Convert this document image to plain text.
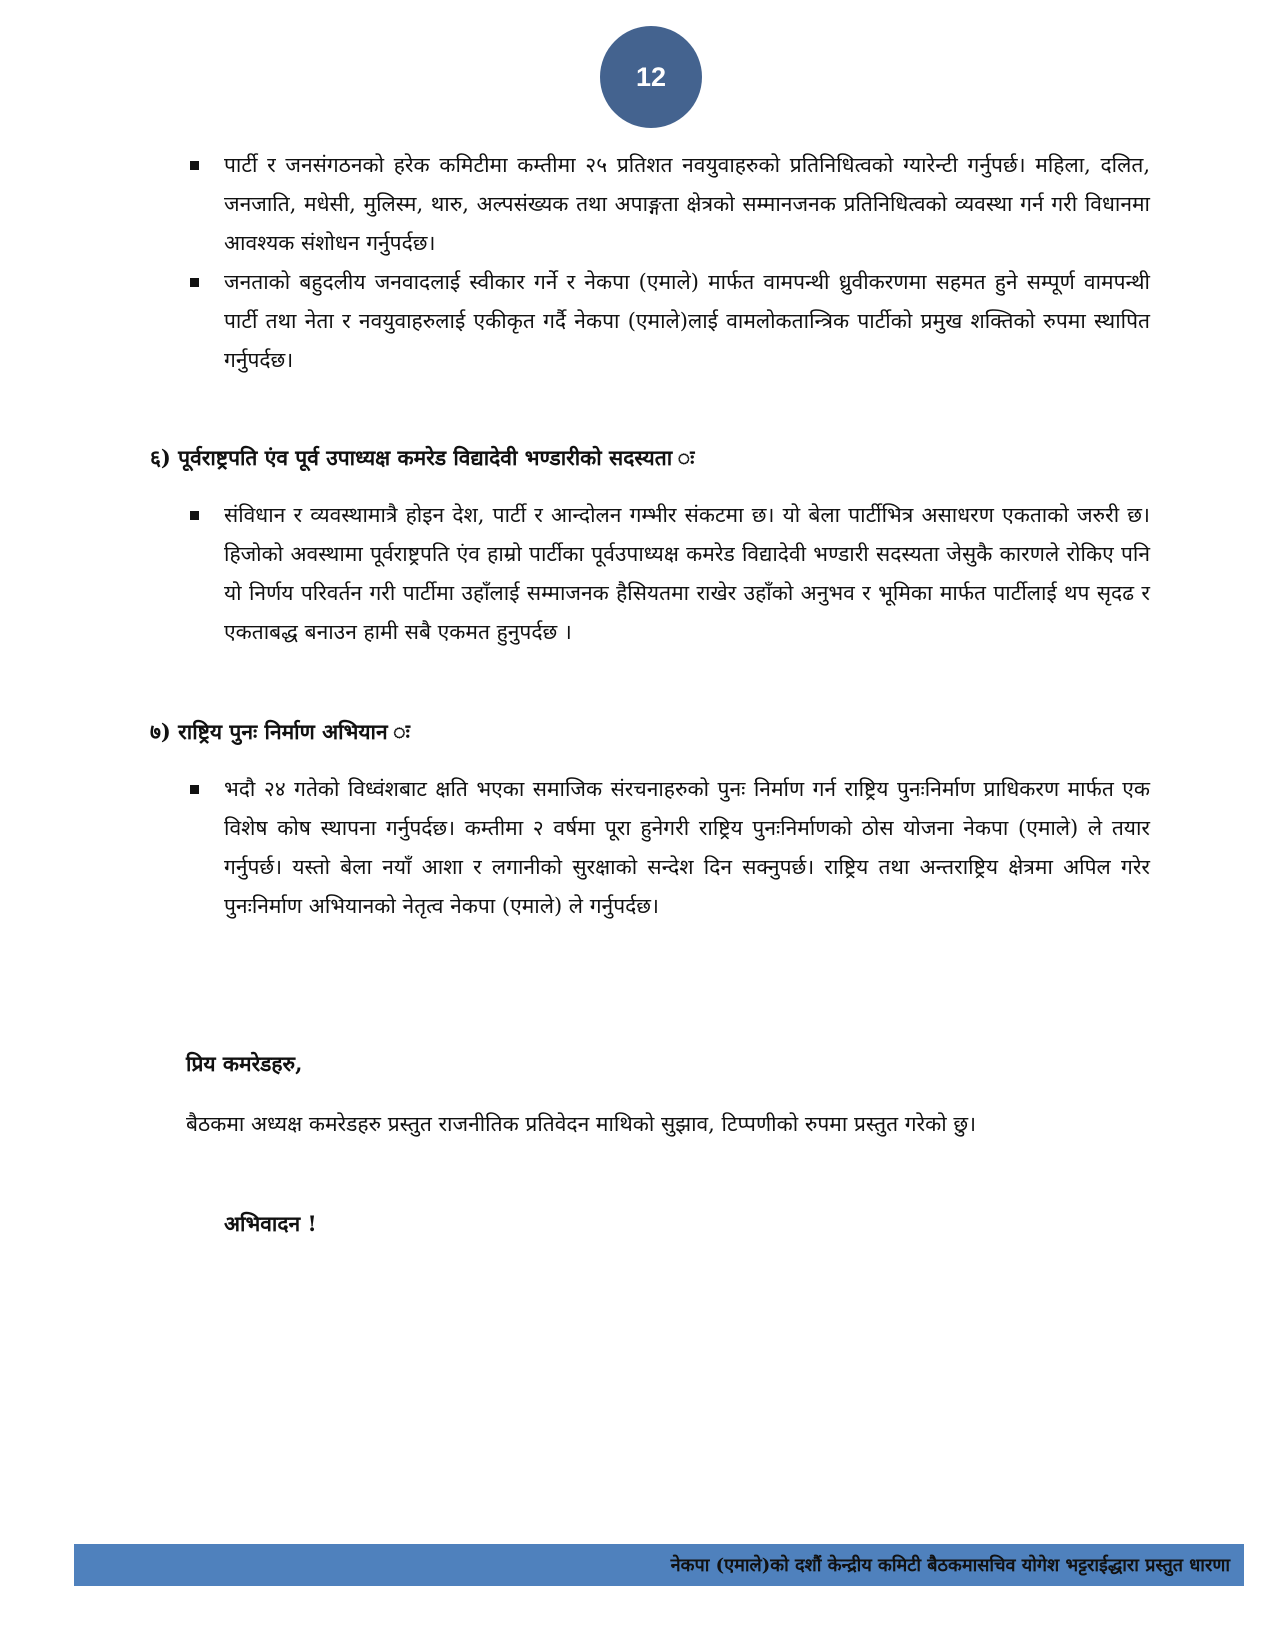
12
पार्टी र जनसंगठनको हरेक कमिटीमा कम्तीमा २५ प्रतिशत नवयुवाहरुको प्रतिनिधित्वको ग्यारेन्टी गर्नुपर्छ। महिला, दलित, जनजाति, मधेसी, मुलिस्म, थारु, अल्पसंख्यक तथा अपाङ्गता क्षेत्रको सम्मानजनक प्रतिनिधित्वको व्यवस्था गर्न गरी विधानमा आवश्यक संशोधन गर्नुपर्दछ।
जनताको बहुदलीय जनवादलाई स्वीकार गर्ने र नेकपा (एमाले) मार्फत वामपन्थी ध्रुवीकरणमा सहमत हुने सम्पूर्ण वामपन्थी पार्टी तथा नेता र नवयुवाहरुलाई एकीकृत गर्दै नेकपा (एमाले)लाई वामलोकतान्त्रिक पार्टीको प्रमुख शक्तिको रुपमा स्थापित गर्नुपर्दछ।
६) पूर्वराष्ट्रपति एंव पूर्व उपाध्यक्ष कमरेड विद्यादेवी भण्डारीको सदस्यता ः
संविधान र व्यवस्थामात्रै होइन देश, पार्टी र आन्दोलन गम्भीर संकटमा छ। यो बेला पार्टीभित्र असाधरण एकताको जरुरी छ। हिजोको अवस्थामा पूर्वराष्ट्रपति एंव हाम्रो पार्टीका पूर्वउपाध्यक्ष कमरेड विद्यादेवी भण्डारी सदस्यता जेसुकै कारणले रोकिए पनि यो निर्णय परिवर्तन गरी पार्टीमा उहाँलाई सम्माजनक हैसियतमा राखेर उहाँको अनुभव र भूमिका मार्फत पार्टीलाई थप सृदढ र एकताबद्ध बनाउन हामी सबै एकमत हुनुपर्दछ ।
७) राष्ट्रिय पुनः निर्माण अभियान ः
भदौ २४ गतेको विध्वंशबाट क्षति भएका समाजिक संरचनाहरुको पुनः निर्माण गर्न राष्ट्रिय पुनःनिर्माण प्राधिकरण मार्फत एक विशेष कोष स्थापना गर्नुपर्दछ। कम्तीमा २ वर्षमा पूरा हुनेगरी राष्ट्रिय पुनःनिर्माणको ठोस योजना नेकपा (एमाले) ले तयार गर्नुपर्छ। यस्तो बेला नयाँ आशा र लगानीको सुरक्षाको सन्देश दिन सक्नुपर्छ। राष्ट्रिय तथा अन्तराष्ट्रिय क्षेत्रमा अपिल गरेर पुनःनिर्माण अभियानको नेतृत्व नेकपा (एमाले) ले गर्नुपर्दछ।
प्रिय कमरेडहरु,
बैठकमा अध्यक्ष कमरेडहरु प्रस्तुत राजनीतिक प्रतिवेदन माथिको सुझाव, टिप्पणीको रुपमा प्रस्तुत गरेको छु।
अभिवादन !
नेकपा (एमाले)को दशौं केन्द्रीय कमिटी बैठकमासचिव योगेश भट्टराईद्धारा प्रस्तुत धारणा
